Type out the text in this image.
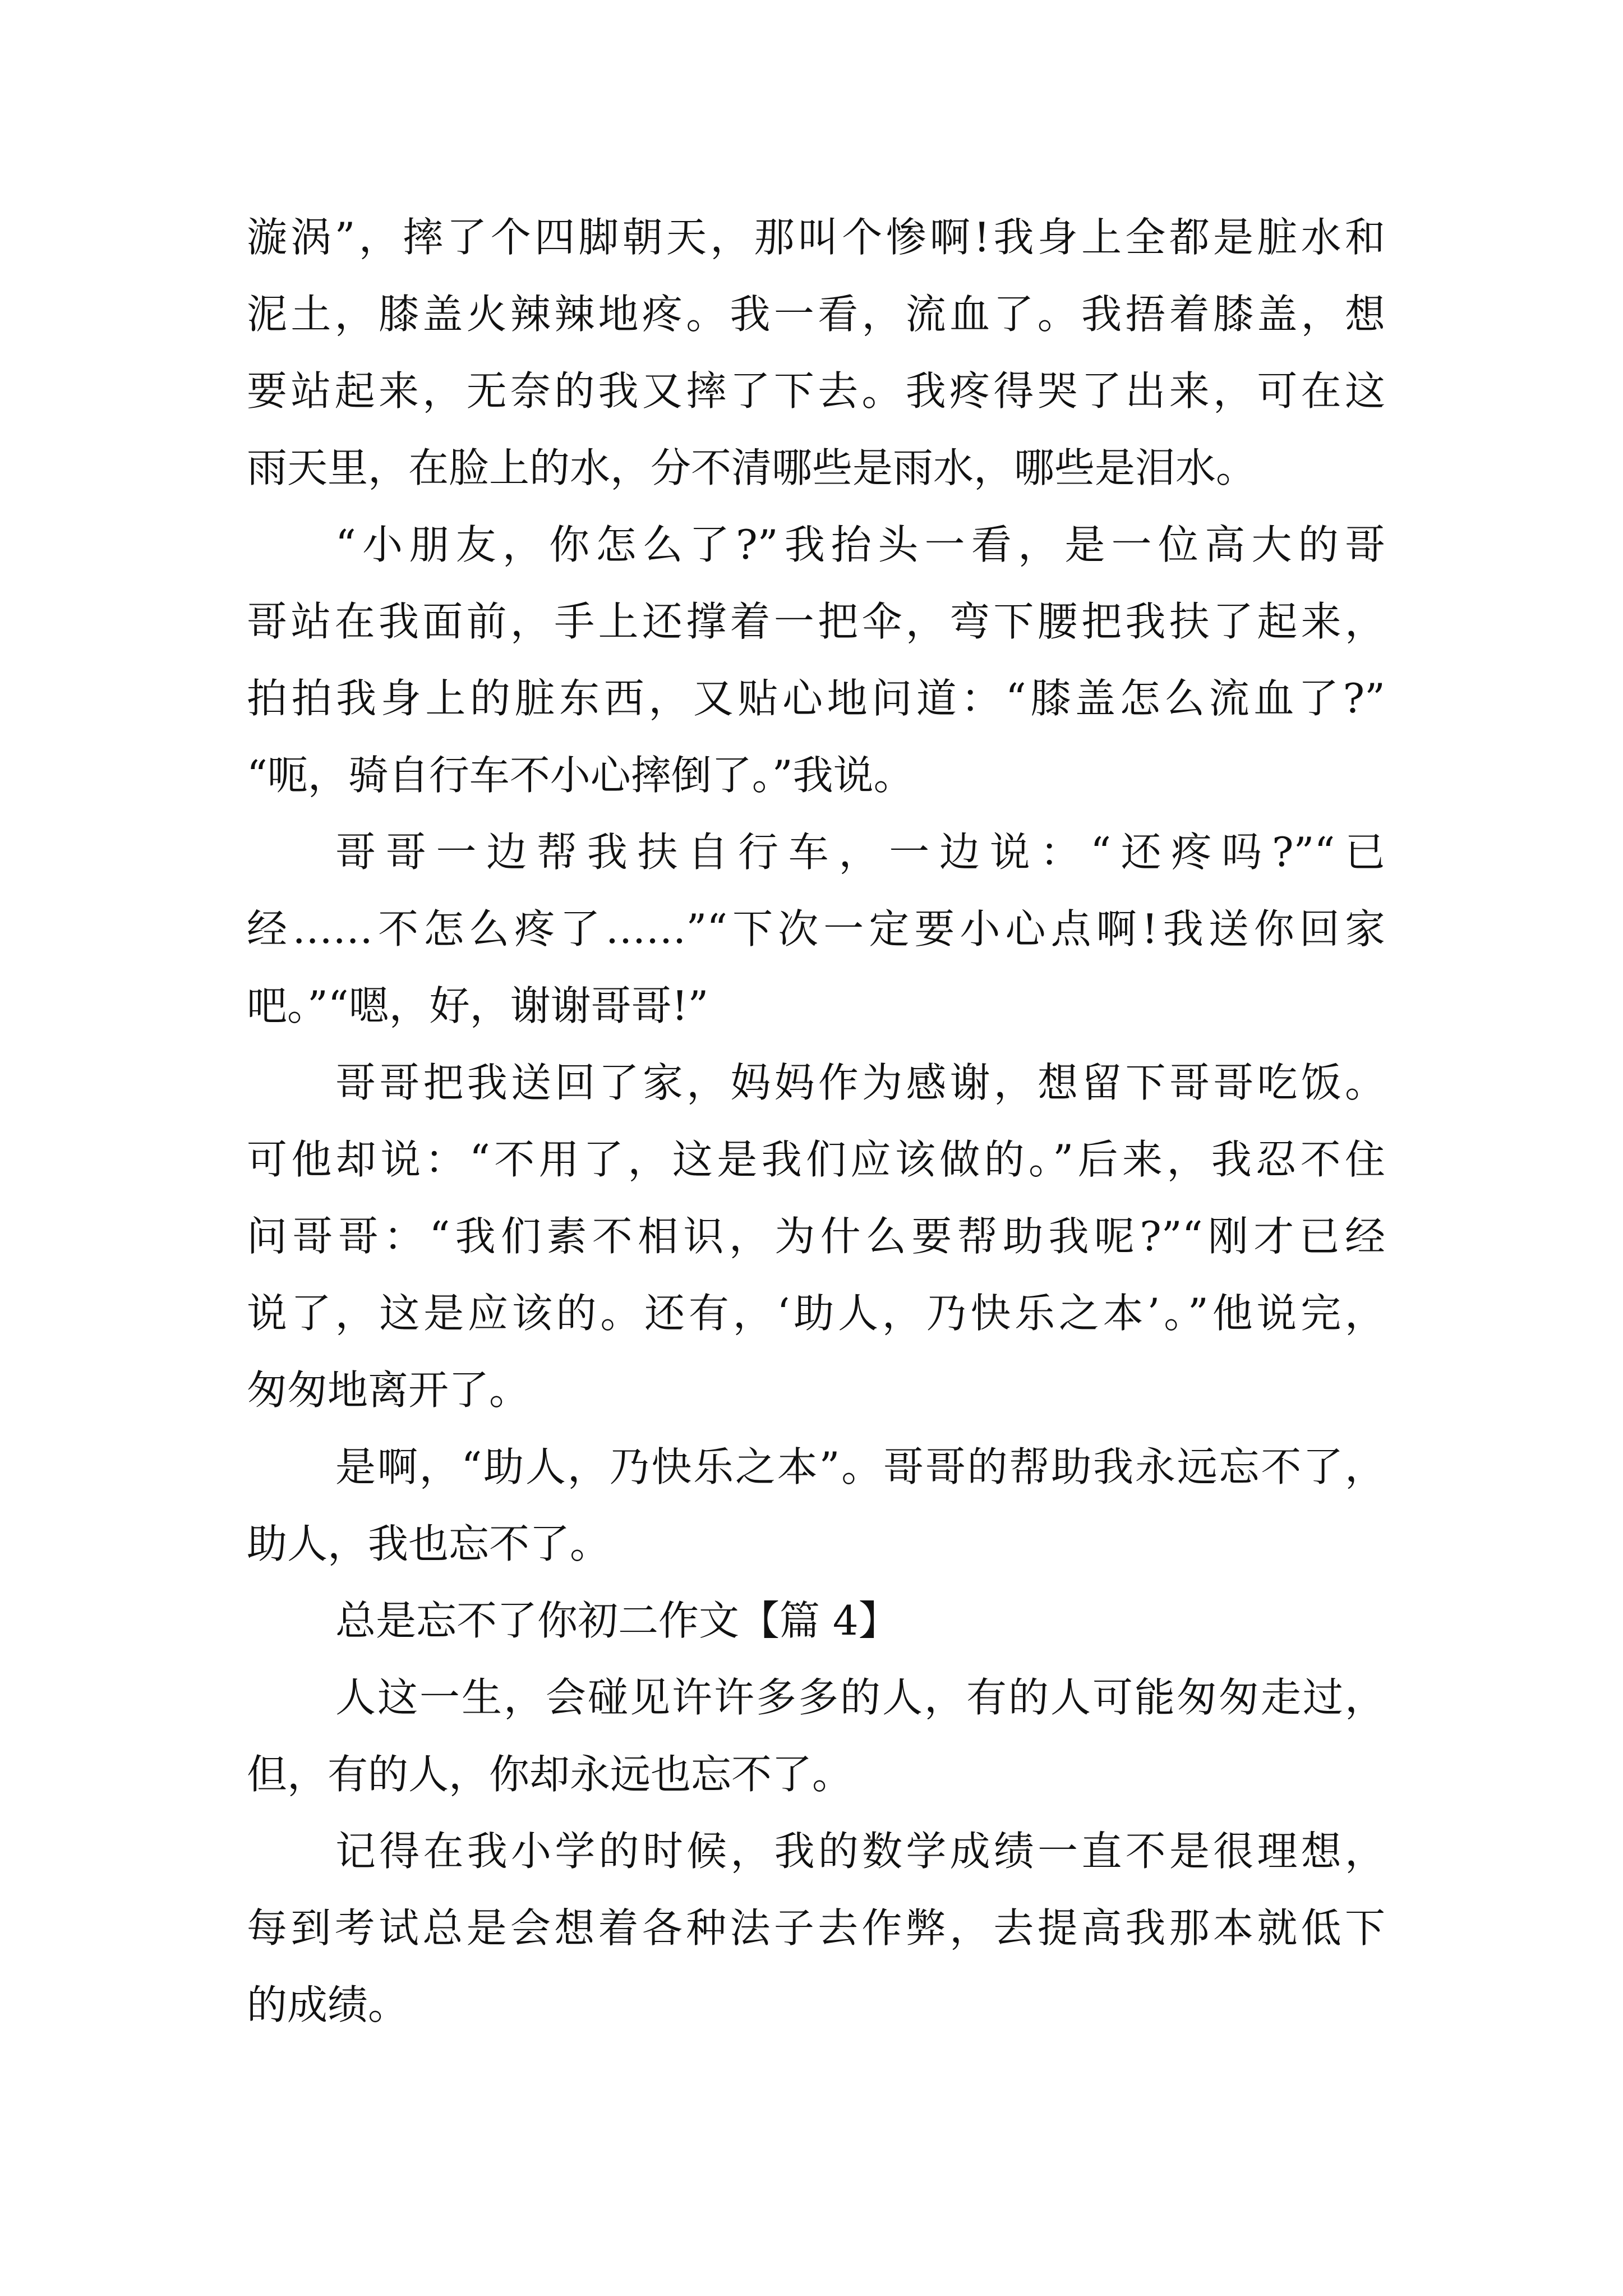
漩涡”，摔了个四脚朝天，那叫个惨啊!我身上全都是脏水和
泥土，膝盖火辣辣地疼。我一看，流血了。我捂着膝盖，想
要站起来，无奈的我又摔了下去。我疼得哭了出来，可在这
雨天里，在脸上的水，分不清哪些是雨水，哪些是泪水。
“小朋友，你怎么了?”我抬头一看，是一位高大的哥
哥站在我面前，手上还撑着一把伞，弯下腰把我扶了起来，
拍拍我身上的脏东西，又贴心地问道：“膝盖怎么流血了?”
“呃，骑自行车不小心摔倒了。”我说。
哥哥一边帮我扶自行车，一边说：“还疼吗?”“已
经……不怎么疼了……”“下次一定要小心点啊!我送你回家
吧。”“嗯，好，谢谢哥哥!”
哥哥把我送回了家，妈妈作为感谢，想留下哥哥吃饭。
可他却说：“不用了，这是我们应该做的。”后来，我忍不住
问哥哥：“我们素不相识，为什么要帮助我呢?”“刚才已经
说了，这是应该的。还有，‘助人，乃快乐之本’。”他说完，
匆匆地离开了。
是啊，“助人，乃快乐之本”。哥哥的帮助我永远忘不了，
助人，我也忘不了。
总是忘不了你初二作文【篇 4】
人这一生，会碰见许许多多的人，有的人可能匆匆走过，
但，有的人，你却永远也忘不了。
记得在我小学的时候，我的数学成绩一直不是很理想，
每到考试总是会想着各种法子去作弊，去提高我那本就低下
的成绩。
